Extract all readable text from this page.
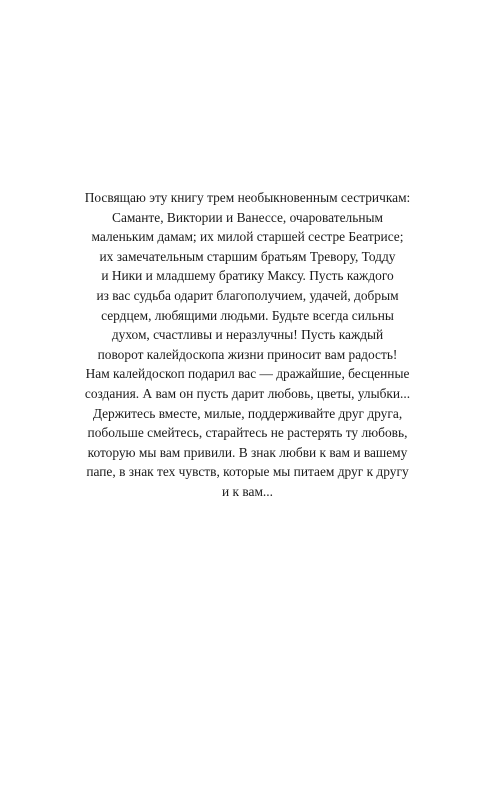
Посвящаю эту книгу трем необыкновенным сестричкам:
Саманте, Виктории и Ванессе, очаровательным
маленьким дамам; их милой старшей сестре Беатрисе;
их замечательным старшим братьям Тревору, Тодду
и Ники и младшему братику Максу. Пусть каждого
из вас судьба одарит благополучием, удачей, добрым
сердцем, любящими людьми. Будьте всегда сильны
духом, счастливы и неразлучны! Пусть каждый
поворот калейдоскопа жизни приносит вам радость!
Нам калейдоскоп подарил вас — дражайшие, бесценные
создания. А вам он пусть дарит любовь, цветы, улыбки...
Держитесь вместе, милые, поддерживайте друг друга,
побольше смейтесь, старайтесь не растерять ту любовь,
которую мы вам привили. В знак любви к вам и вашему
папе, в знак тех чувств, которые мы питаем друг к другу
и к вам...
